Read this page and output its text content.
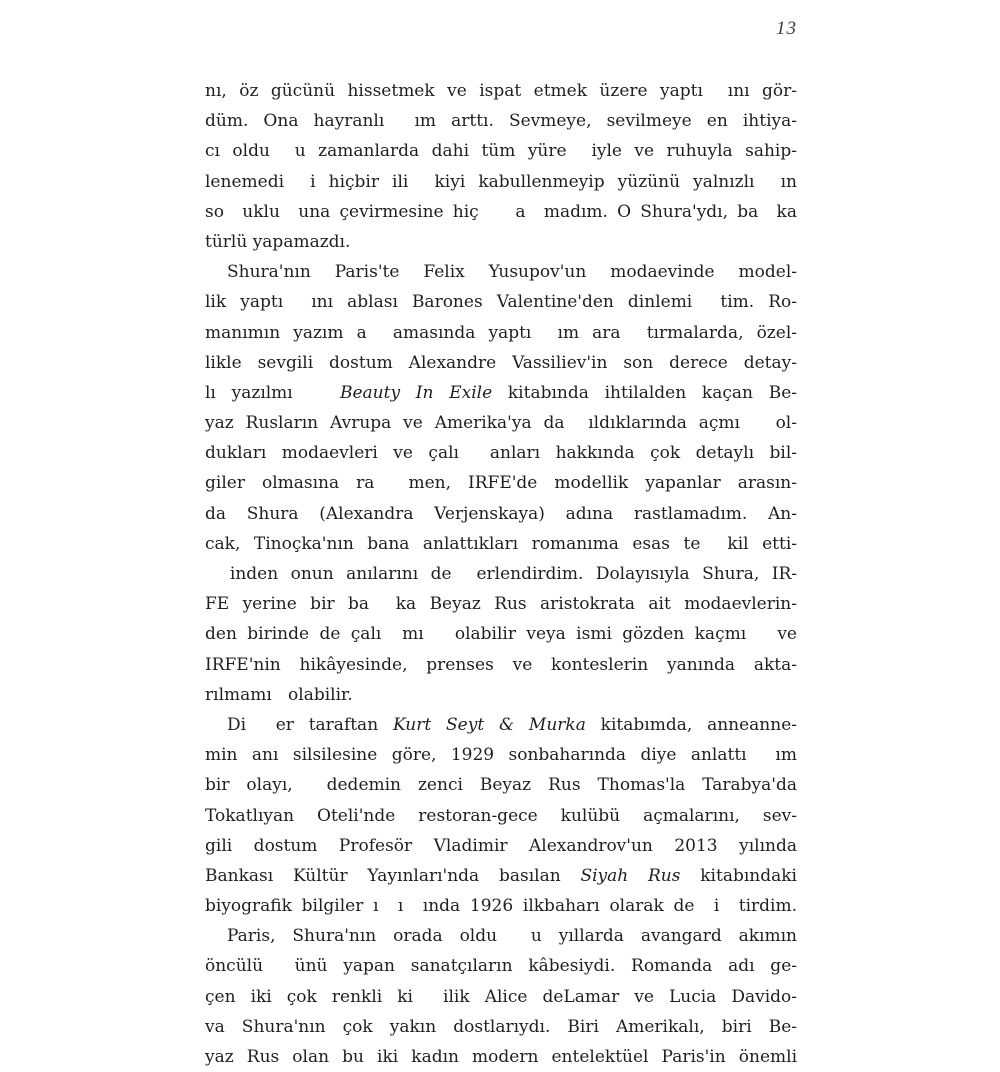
13
nı, öz gücünü hissetmek ve ispat etmek üzere yaptı  ını gör-
düm. Ona hayranlı  ım arttı. Sevmeye, sevilmeye en ihtiya-
cı oldu  u zamanlarda dahi tüm yüre  iyle ve ruhuyla sahip-
lenemedi  i hiçbir ili  kiyi kabullenmeyip yüzünü yalnızlı  ın
so  uklu  una çevirmesine hiç    a  madım. O Shura'ydı, ba  ka
türlü yapamazdı.
Shura'nın Paris'te Felix Yusupov'un modaevinde model-
lik yaptı  ını ablası Barones Valentine'den dinlemi  tim. Ro-
manımın yazım a  amasında yaptı  ım ara  tırmalarda, özel-
likle sevgili dostum Alexandre Vassiliev'in son derece detay-
lı yazılmı   Beauty In Exile kitabında ihtilalden kaçan Be-
yaz Rusların Avrupa ve Amerika'ya da  ıldıklarında açmı   ol-
dukları modaevleri ve çalı  anları hakkında çok detaylı bil-
giler olmasına ra  men, IRFE'de modellik yapanlar arasın-
da Shura (Alexandra Verjenskaya) adına rastlamadım. An-
cak, Tinoçka'nın bana anlattıkları romanıma esas te  kil etti-
inden onun anılarını de  erlendirdim. Dolayısıyla Shura, IR-
FE yerine bir ba  ka Beyaz Rus aristokrata ait modaevlerin-
den birinde de çalı  mı   olabilir veya ismi gözden kaçmı   ve
IRFE'nin hikâyesinde, prenses ve konteslerin yanında akta-
rılmamı   olabilir.
Di  er taraftan Kurt Seyt & Murka kitabımda, anneanne-
min anı silsilesine göre, 1929 sonbaharında diye anlattı  ım
bir olayı,  dedemin zenci Beyaz Rus Thomas'la Tarabya'da
Tokatlıyan Oteli'nde restoran-gece kulübü açmalarını, sev-
gili dostum Profesör Vladimir Alexandrov'un 2013 yılında
Bankası Kültür Yayınları'nda basılan Siyah Rus kitabındaki
biyografik bilgiler ı  ı  ında 1926 ilkbaharı olarak de  i  tirdim.
Paris, Shura'nın orada oldu  u yıllarda avangard akımın
öncülü  ünü yapan sanatçıların kâbesiydi. Romanda adı ge-
çen iki çok renkli ki  ilik Alice deLamar ve Lucia Davido-
va Shura'nın çok yakın dostlarıydı. Biri Amerikalı, biri Be-
yaz Rus olan bu iki kadın modern entelektüel Paris'in önemli
